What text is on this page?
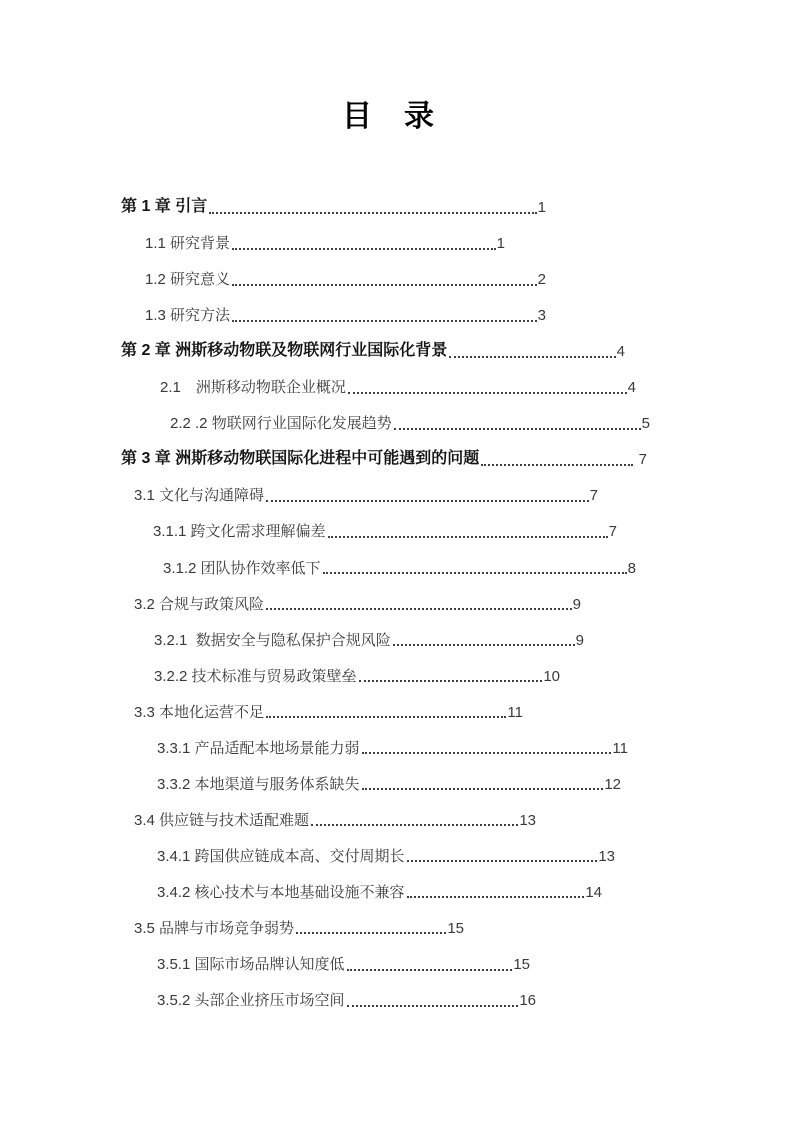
目　录
第 1 章 引言	1
1.1 研究背景	1
1.2 研究意义	2
1.3 研究方法	3
第 2 章 洲斯移动物联及物联网行业国际化背景	4
2.1　洲斯移动物联企业概况	4
2.2 .2 物联网行业国际化发展趋势	5
第 3 章 洲斯移动物联国际化进程中可能遇到的问题	7
3.1 文化与沟通障碍	7
3.1.1 跨文化需求理解偏差	7
3.1.2 团队协作效率低下	8
3.2 合规与政策风险	9
3.2.1  数据安全与隐私保护合规风险	9
3.2.2 技术标准与贸易政策壁垒	10
3.3 本地化运营不足	11
3.3.1 产品适配本地场景能力弱	11
3.3.2 本地渠道与服务体系缺失	12
3.4 供应链与技术适配难题	13
3.4.1 跨国供应链成本高、交付周期长	13
3.4.2 核心技术与本地基础设施不兼容	14
3.5 品牌与市场竞争弱势	15
3.5.1 国际市场品牌认知度低	15
3.5.2 头部企业挤压市场空间	16
